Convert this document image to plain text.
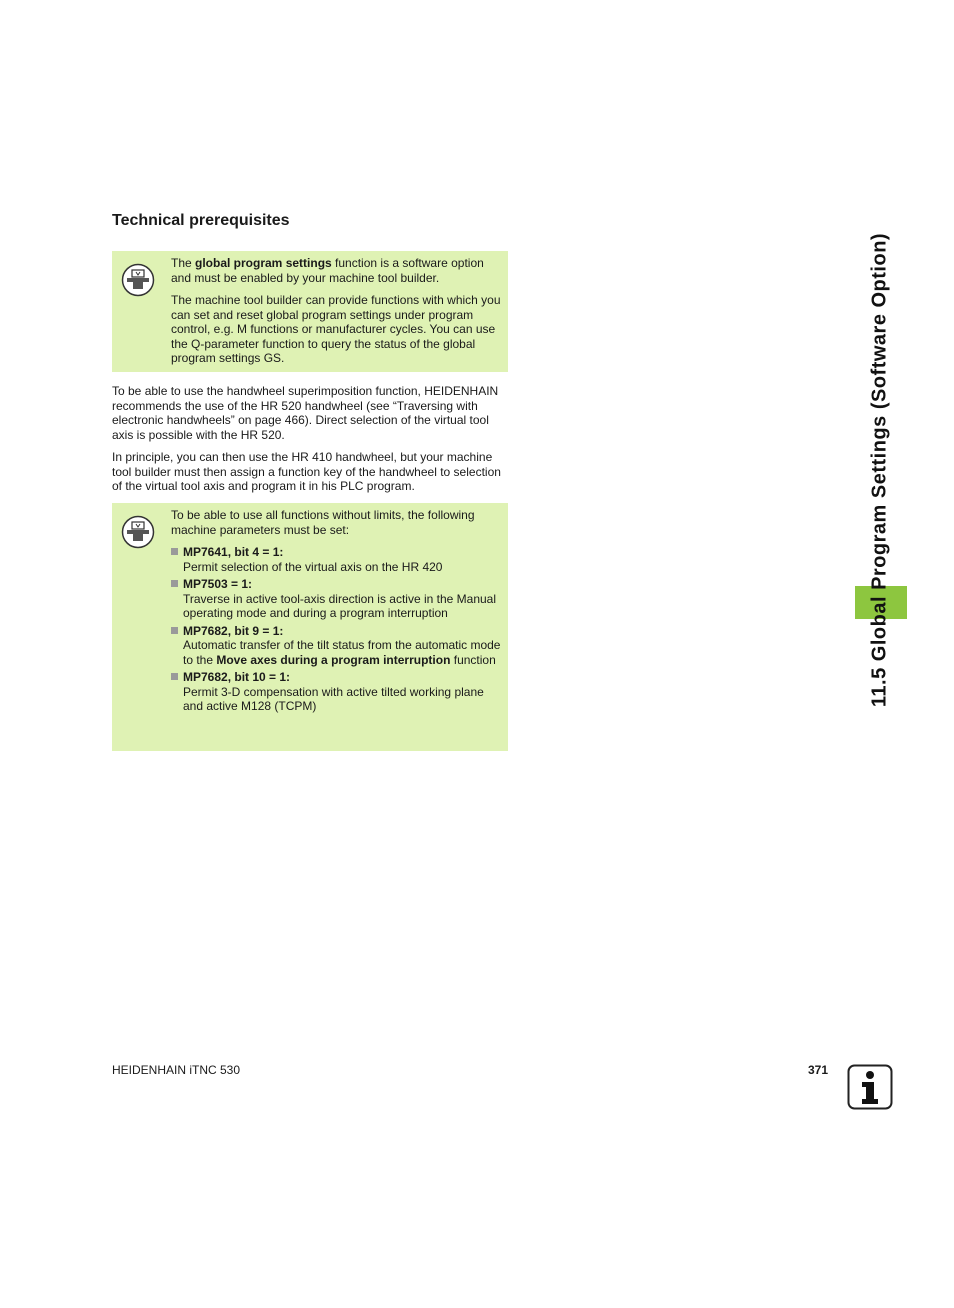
Technical prerequisites

The global program settings function is a software option and must be enabled by your machine tool builder.

The machine tool builder can provide functions with which you can set and reset global program settings under program control, e.g. M functions or manufacturer cycles. You can use the Q-parameter function to query the status of the global program settings GS.

To be able to use the handwheel superimposition function, HEIDENHAIN recommends the use of the HR 520 handwheel (see “Traversing with electronic handwheels” on page 466). Direct selection of the virtual tool axis is possible with the HR 520.

In principle, you can then use the HR 410 handwheel, but your machine tool builder must then assign a function key of the handwheel to selection of the virtual tool axis and program it in his PLC program.

To be able to use all functions without limits, the following machine parameters must be set:

MP7641, bit 4 = 1:
Permit selection of the virtual axis on the HR 420
MP7503 = 1:
Traverse in active tool-axis direction is active in the Manual operating mode and during a program interruption
MP7682, bit 9 = 1:
Automatic transfer of the tilt status from the automatic mode to the Move axes during a program interruption function
MP7682, bit 10 = 1:
Permit 3-D compensation with active tilted working plane and active M128 (TCPM)	11.5 Global Program Settings (Software Option)
HEIDENHAIN iTNC 530	371
